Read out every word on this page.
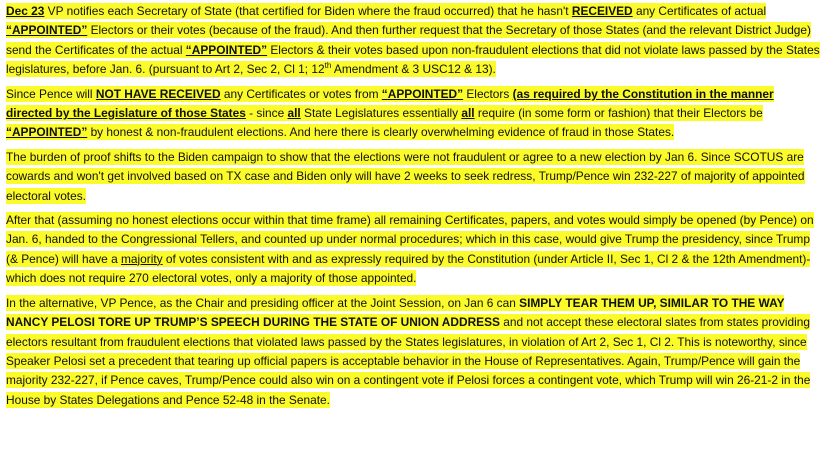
Dec 23 VP notifies each Secretary of State (that certified for Biden where the fraud occurred) that he hasn't RECEIVED any Certificates of actual “APPOINTED” Electors or their votes (because of the fraud). And then further request that the Secretary of those States (and the relevant District Judge) send the Certificates of the actual “APPOINTED” Electors & their votes based upon non-fraudulent elections that did not violate laws passed by the States legislatures, before Jan. 6. (pursuant to Art 2, Sec 2, Cl 1; 12th Amendment & 3 USC12 & 13).

Since Pence will NOT HAVE RECEIVED any Certificates or votes from “APPOINTED” Electors (as required by the Constitution in the manner directed by the Legislature of those States - since all State Legislatures essentially all require (in some form or fashion) that their Electors be “APPOINTED” by honest & non-fraudulent elections. And here there is clearly overwhelming evidence of fraud in those States.

The burden of proof shifts to the Biden campaign to show that the elections were not fraudulent or agree to a new election by Jan 6. Since SCOTUS are cowards and won't get involved based on TX case and Biden only will have 2 weeks to seek redress, Trump/Pence win 232-227 of majority of appointed electoral votes.

After that (assuming no honest elections occur within that time frame) all remaining Certificates, papers, and votes would simply be opened (by Pence) on Jan. 6, handed to the Congressional Tellers, and counted up under normal procedures; which in this case, would give Trump the presidency, since Trump (& Pence) will have a majority of votes consistent with and as expressly required by the Constitution (under Article II, Sec 1, Cl 2 & the 12th Amendment)- which does not require 270 electoral votes, only a majority of those appointed.

In the alternative, VP Pence, as the Chair and presiding officer at the Joint Session, on Jan 6 can SIMPLY TEAR THEM UP, SIMILAR TO THE WAY NANCY PELOSI TORE UP TRUMP’S SPEECH DURING THE STATE OF UNION ADDRESS and not accept these electoral slates from states providing electors resultant from fraudulent elections that violated laws passed by the States legislatures, in violation of Art 2, Sec 1, Cl 2. This is noteworthy, since Speaker Pelosi set a precedent that tearing up official papers is acceptable behavior in the House of Representatives. Again, Trump/Pence will gain the majority 232-227, if Pence caves, Trump/Pence could also win on a contingent vote if Pelosi forces a contingent vote, which Trump will win 26-21-2 in the House by States Delegations and Pence 52-48 in the Senate.
